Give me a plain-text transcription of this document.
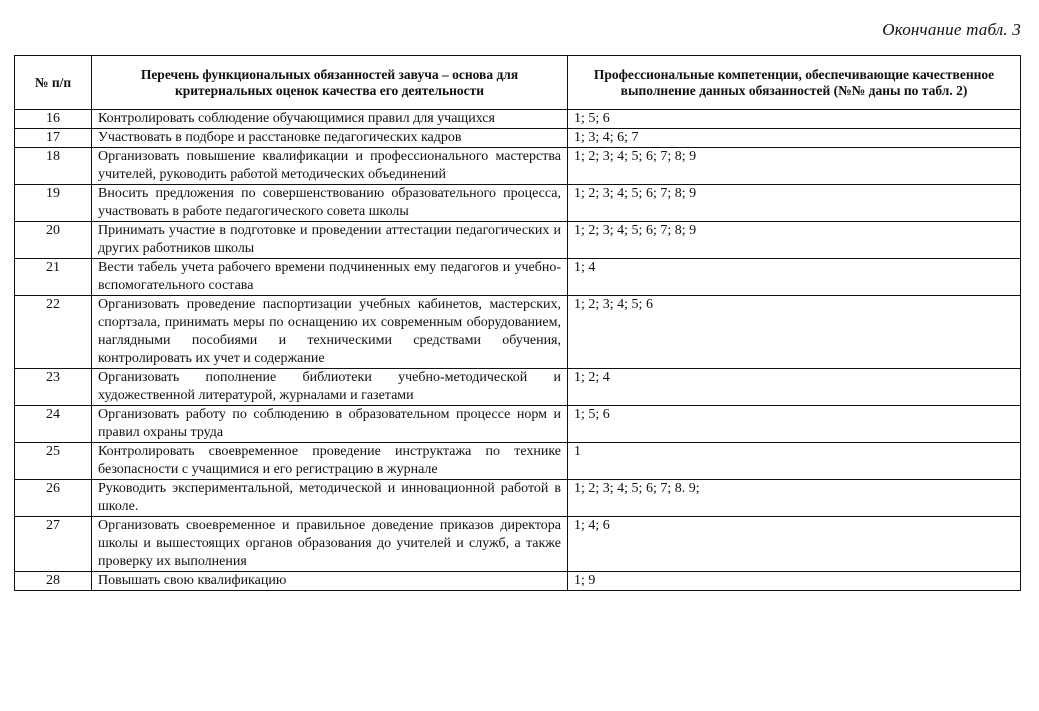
Окончание табл. 3
№ п/п	Перечень функциональных обязанностей завуча – основа для критериальных оценок качества его деятельности	Профессиональные компетенции, обеспечивающие качественное выполнение данных обязанностей (№№ даны по табл. 2)
16	Контролировать соблюдение обучающимися правил для учащихся	1; 5; 6
17	Участвовать в подборе и расстановке педагогических кадров	1; 3; 4; 6; 7
18	Организовать повышение квалификации и профессионального мастерства учителей, руководить работой методических объединений	1; 2; 3; 4; 5; 6; 7; 8; 9
19	Вносить предложения по совершенствованию образовательного процесса, участвовать в работе педагогического совета школы	1; 2; 3; 4; 5; 6; 7; 8; 9
20	Принимать участие в подготовке и проведении аттестации педагогических и других работников школы	1; 2; 3; 4; 5; 6; 7; 8; 9
21	Вести табель учета рабочего времени подчиненных ему педагогов и учебно-вспомогательного состава	1; 4
22	Организовать проведение паспортизации учебных кабинетов, мастерских, спортзала, принимать меры по оснащению их современным оборудованием, наглядными пособиями и техническими средствами обучения, контролировать их учет и содержание	1; 2; 3; 4; 5; 6
23	Организовать пополнение библиотеки учебно-методической и художественной литературой, журналами и газетами	1; 2; 4
24	Организовать работу по соблюдению в образовательном процессе норм и правил охраны труда	1; 5; 6
25	Контролировать своевременное проведение инструктажа по технике безопасности с учащимися и его регистрацию в журнале	1
26	Руководить экспериментальной, методической и инновационной работой в школе.	1; 2; 3; 4; 5; 6; 7; 8. 9;
27	Организовать своевременное и правильное доведение приказов директора школы и вышестоящих органов образования до учителей и служб, а также проверку их выполнения	1; 4; 6
28	Повышать свою квалификацию	1; 9
